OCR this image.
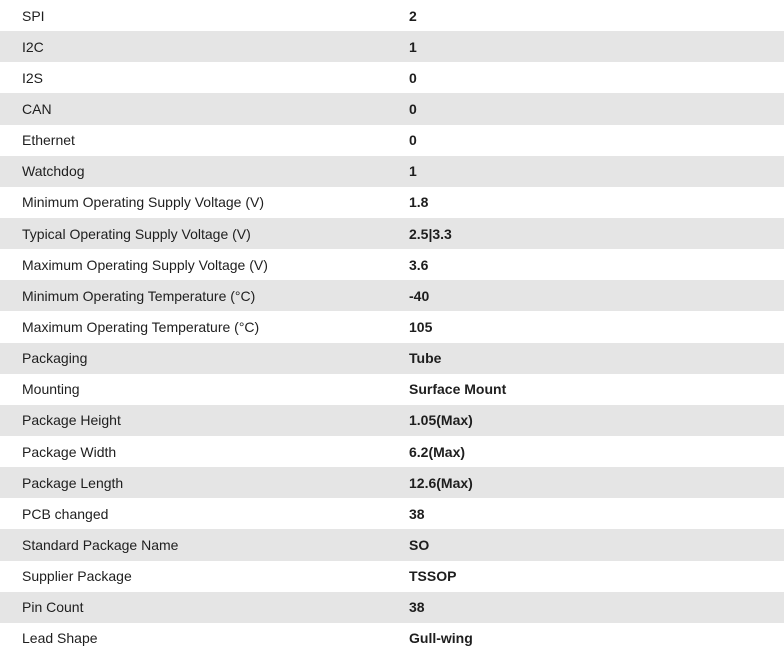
SPI	2
I2C	1
I2S	0
CAN	0
Ethernet	0
Watchdog	1
Minimum Operating Supply Voltage (V)	1.8
Typical Operating Supply Voltage (V)	2.5|3.3
Maximum Operating Supply Voltage (V)	3.6
Minimum Operating Temperature (°C)	-40
Maximum Operating Temperature (°C)	105
Packaging	Tube
Mounting	Surface Mount
Package Height	1.05(Max)
Package Width	6.2(Max)
Package Length	12.6(Max)
PCB changed	38
Standard Package Name	SO
Supplier Package	TSSOP
Pin Count	38
Lead Shape	Gull-wing
